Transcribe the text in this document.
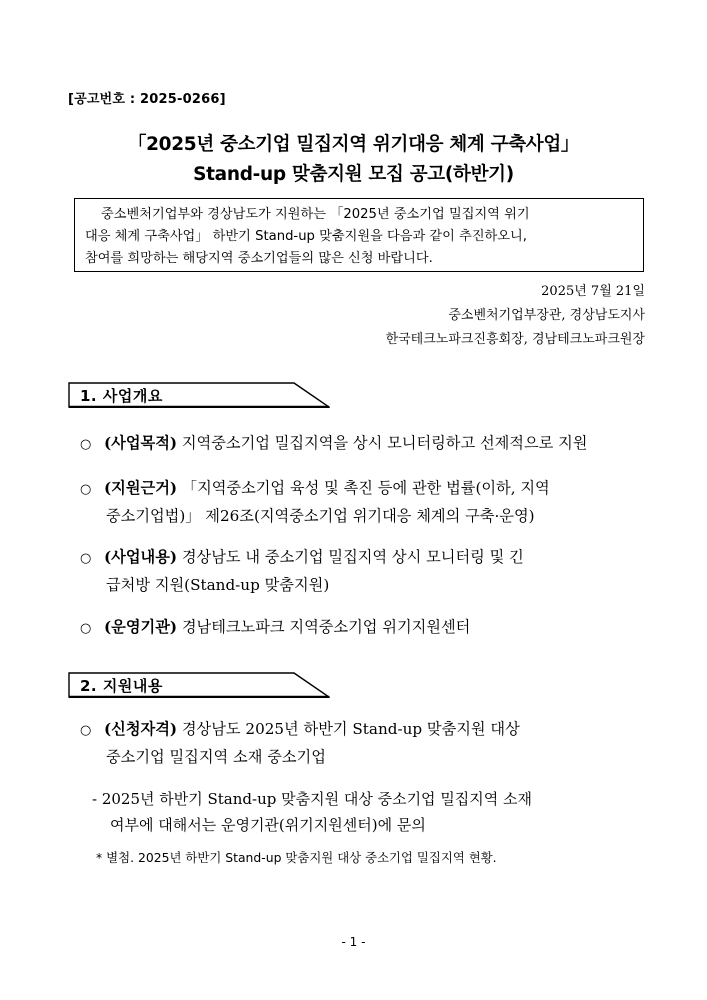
[공고번호 : 2025-0266]
「2025년 중소기업 밀집지역 위기대응 체계 구축사업」
Stand-up 맞춤지원 모집 공고(하반기)
중소벤처기업부와 경상남도가 지원하는 「2025년 중소기업 밀집지역 위기
대응 체계 구축사업」 하반기 Stand-up 맞춤지원을 다음과 같이 추진하오니,
참여를 희망하는 해당지역 중소기업들의 많은 신청 바랍니다.
2025년 7월 21일
중소벤처기업부장관, 경상남도지사
한국테크노파크진흥회장, 경남테크노파크원장
1. 사업개요
○ (사업목적) 지역중소기업 밀집지역을 상시 모니터링하고 선제적으로 지원
○ (지원근거) 「지역중소기업 육성 및 촉진 등에 관한 법률(이하, 지역
중소기업법)」 제26조(지역중소기업 위기대응 체계의 구축·운영)
○ (사업내용) 경상남도 내 중소기업 밀집지역 상시 모니터링 및 긴
급처방 지원(Stand-up 맞춤지원)
○ (운영기관) 경남테크노파크 지역중소기업 위기지원센터
2. 지원내용
○ (신청자격) 경상남도 2025년 하반기 Stand-up 맞춤지원 대상
중소기업 밀집지역 소재 중소기업
- 2025년 하반기 Stand-up 맞춤지원 대상 중소기업 밀집지역 소재
여부에 대해서는 운영기관(위기지원센터)에 문의
* 별첨. 2025년 하반기 Stand-up 맞춤지원 대상 중소기업 밀집지역 현황.
- 1 -
